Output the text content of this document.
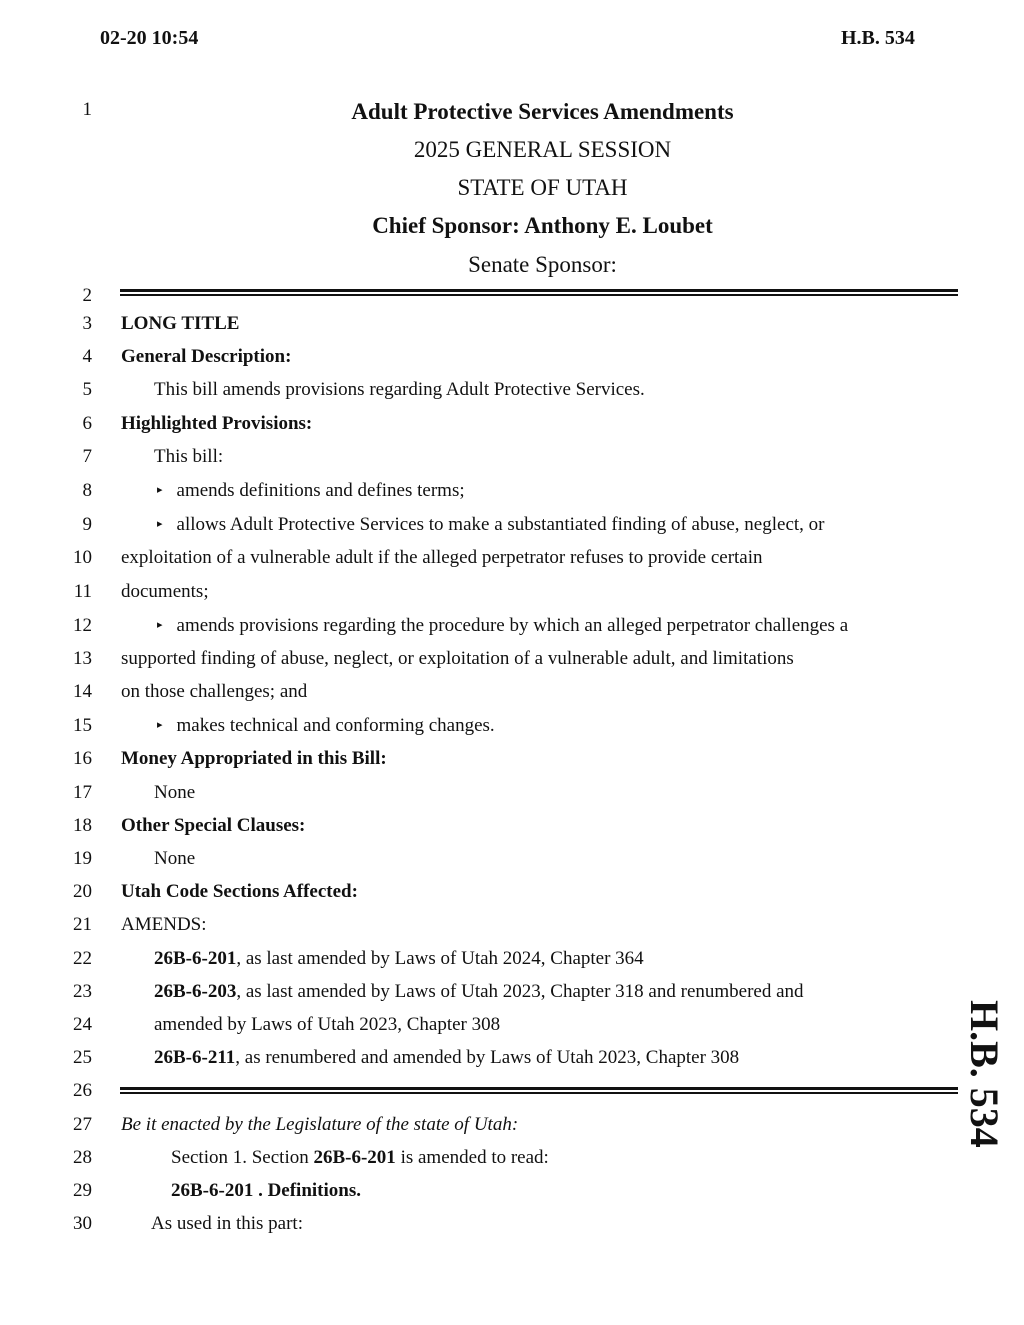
02-20 10:54	H.B. 534
1
2
3
4
5
6
7
8
9
10
11
12
13
14
15
16
17
18
19
20
21
22
23
24
25
26
27
28
29
30
Adult Protective Services Amendments
2025 GENERAL SESSION
STATE OF UTAH
Chief Sponsor: Anthony E. Loubet
Senate Sponsor:
LONG TITLE
General Description:
This bill amends provisions regarding Adult Protective Services.
Highlighted Provisions:
This bill:
▸ amends definitions and defines terms;
▸ allows Adult Protective Services to make a substantiated finding of abuse, neglect, or
exploitation of a vulnerable adult if the alleged perpetrator refuses to provide certain
documents;
▸ amends provisions regarding the procedure by which an alleged perpetrator challenges a
supported finding of abuse, neglect, or exploitation of a vulnerable adult, and limitations
on those challenges; and
▸ makes technical and conforming changes.
Money Appropriated in this Bill:
None
Other Special Clauses:
None
Utah Code Sections Affected:
AMENDS:
26B-6-201, as last amended by Laws of Utah 2024, Chapter 364
26B-6-203, as last amended by Laws of Utah 2023, Chapter 318 and renumbered and
amended by Laws of Utah 2023, Chapter 308
26B-6-211, as renumbered and amended by Laws of Utah 2023, Chapter 308
Be it enacted by the Legislature of the state of Utah:
Section 1. Section 26B-6-201 is amended to read:
26B-6-201 . Definitions.
As used in this part:
H.B. 534
